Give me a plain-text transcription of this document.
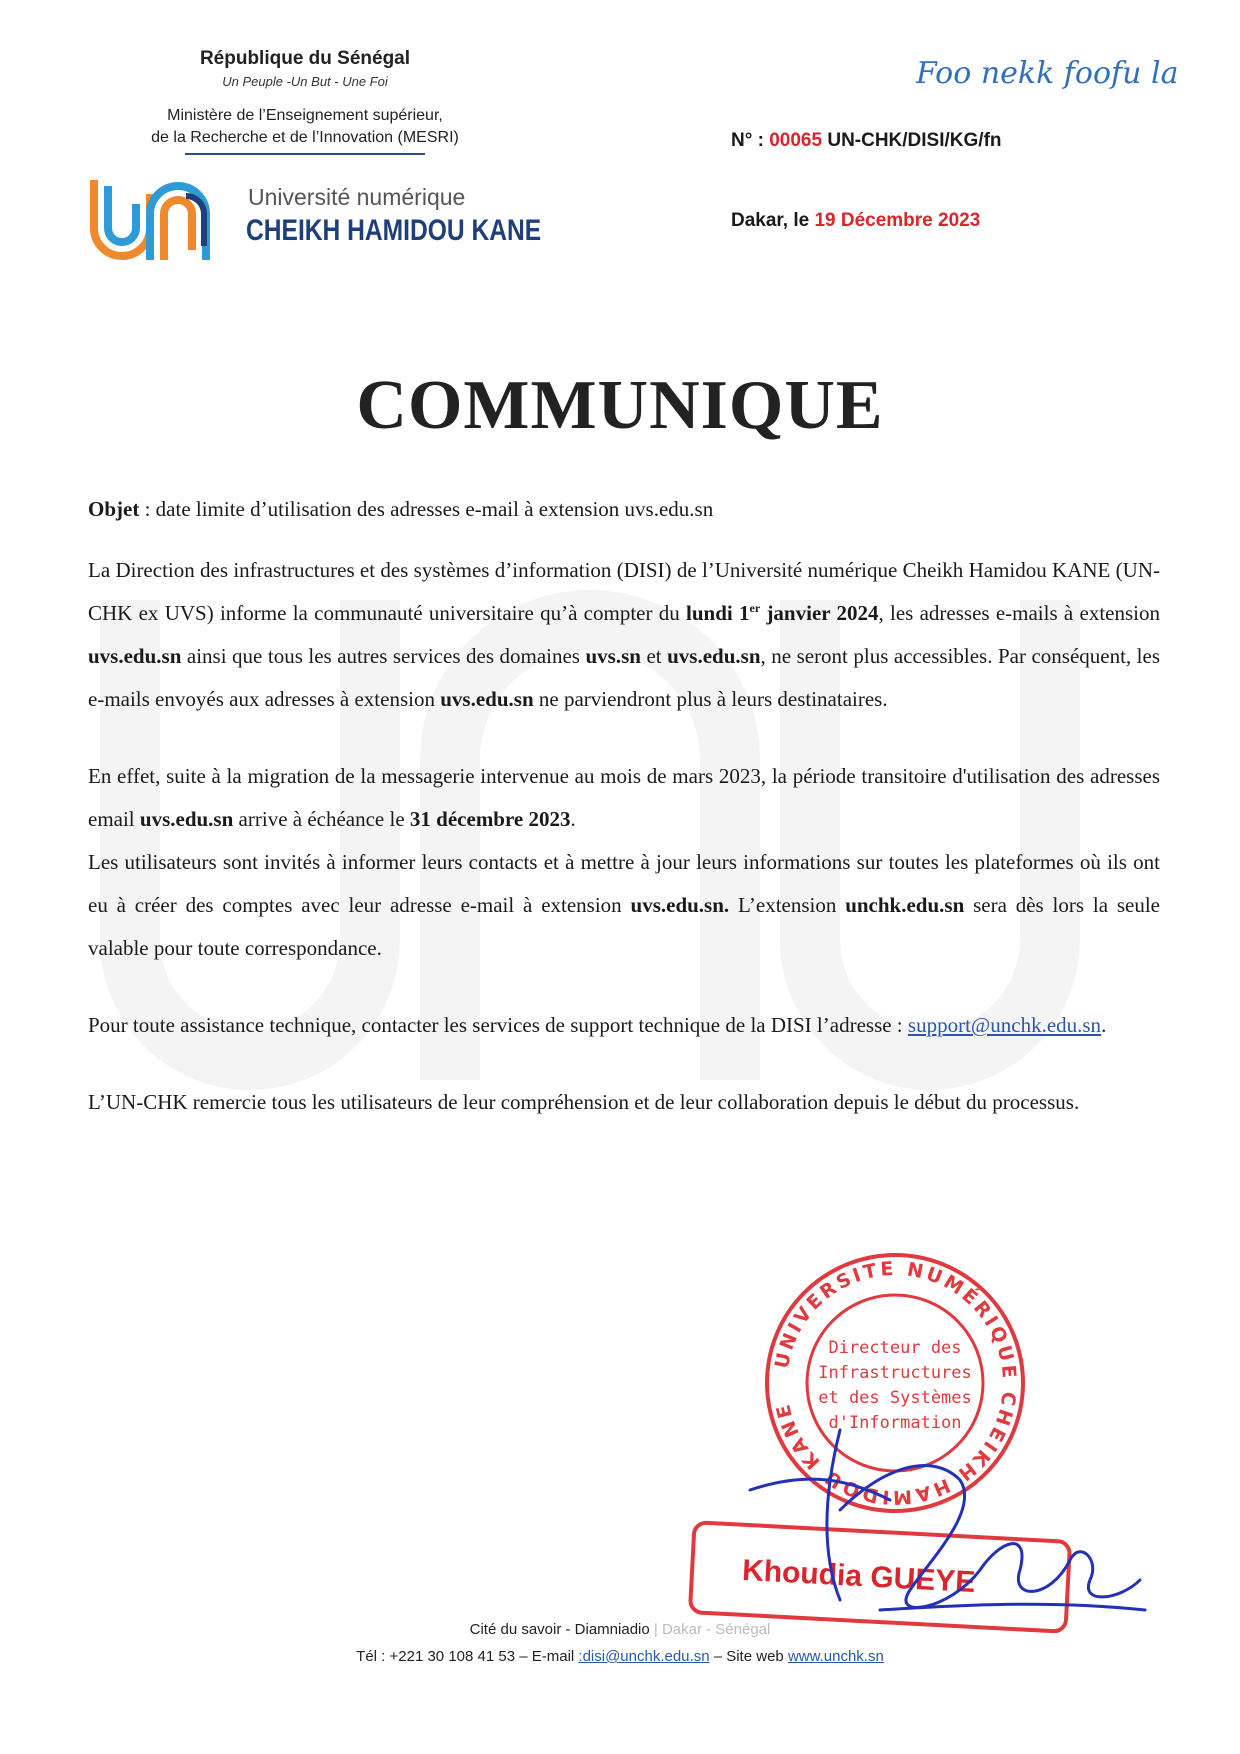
République du Sénégal
Un Peuple -Un But - Une Foi
Ministère de l’Enseignement supérieur,
de la Recherche et de l’Innovation (MESRI)
Université numérique
CHEIKH HAMIDOU KANE
Foo nekk foofu la
N° : 00065 UN-CHK/DISI/KG/fn
Dakar, le 19 Décembre 2023
COMMUNIQUE

Objet : date limite d’utilisation des adresses e-mail à extension uvs.edu.sn

La Direction des infrastructures et des systèmes d’information (DISI) de l’Université numérique Cheikh Hamidou KANE (UN-CHK ex UVS) informe la communauté universitaire qu’à compter du lundi 1er janvier 2024, les adresses e-mails à extension uvs.edu.sn ainsi que tous les autres services des domaines uvs.sn et uvs.edu.sn, ne seront plus accessibles. Par conséquent, les e-mails envoyés aux adresses à extension uvs.edu.sn ne parviendront plus à leurs destinataires.

En effet, suite à la migration de la messagerie intervenue au mois de mars 2023, la période transitoire d'utilisation des adresses email uvs.edu.sn arrive à échéance le 31 décembre 2023.

Les utilisateurs sont invités à informer leurs contacts et à mettre à jour leurs informations sur toutes les plateformes où ils ont eu à créer des comptes avec leur adresse e-mail à extension uvs.edu.sn. L’extension unchk.edu.sn sera dès lors la seule valable pour toute correspondance.

Pour toute assistance technique, contacter les services de support technique de la DISI l’adresse : support@unchk.edu.sn.

L’UN-CHK remercie tous les utilisateurs de leur compréhension et de leur collaboration depuis le début du processus.

UNIVERSITE NUMÉRIQUE CHEIKH HAMIDOU KANE
Directeur des
Infrastructures
et des Systèmes
d'Information
Khoudia GUEYE
Cité du savoir - Diamniadio | Dakar - Sénégal
Tél : +221 30 108 41 53 – E-mail :disi@unchk.edu.sn – Site web www.unchk.sn
